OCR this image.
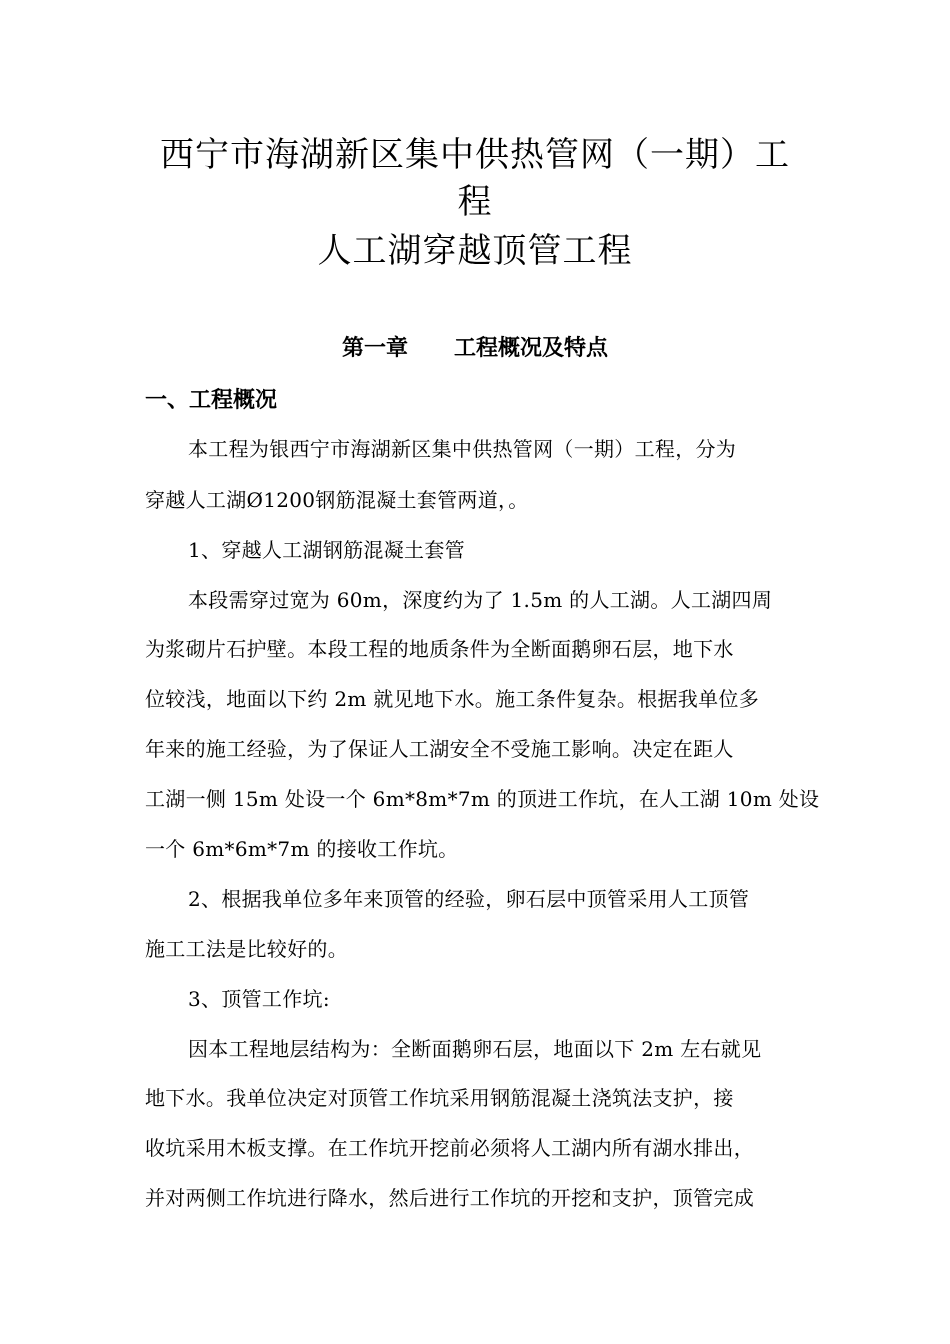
西宁市海湖新区集中供热管网（一期）工
程
人工湖穿越顶管工程
第一章      工程概况及特点
一、工程概况
本工程为银西宁市海湖新区集中供热管网（一期）工程，分为
穿越人工湖Ø1200钢筋混凝土套管两道，。
1、穿越人工湖钢筋混凝土套管
本段需穿过宽为 60m，深度约为了 1.5m 的人工湖。人工湖四周
为浆砌片石护壁。本段工程的地质条件为全断面鹅卵石层，地下水
位较浅，地面以下约 2m 就见地下水。施工条件复杂。根据我单位多
年来的施工经验，为了保证人工湖安全不受施工影响。决定在距人
工湖一侧 15m 处设一个 6m*8m*7m 的顶进工作坑，在人工湖 10m 处设
一个 6m*6m*7m 的接收工作坑。
2、根据我单位多年来顶管的经验，卵石层中顶管采用人工顶管
施工工法是比较好的。
3、顶管工作坑:
因本工程地层结构为：全断面鹅卵石层，地面以下 2m 左右就见
地下水。我单位决定对顶管工作坑采用钢筋混凝土浇筑法支护，接
收坑采用木板支撑。在工作坑开挖前必须将人工湖内所有湖水排出，
并对两侧工作坑进行降水，然后进行工作坑的开挖和支护，顶管完成
